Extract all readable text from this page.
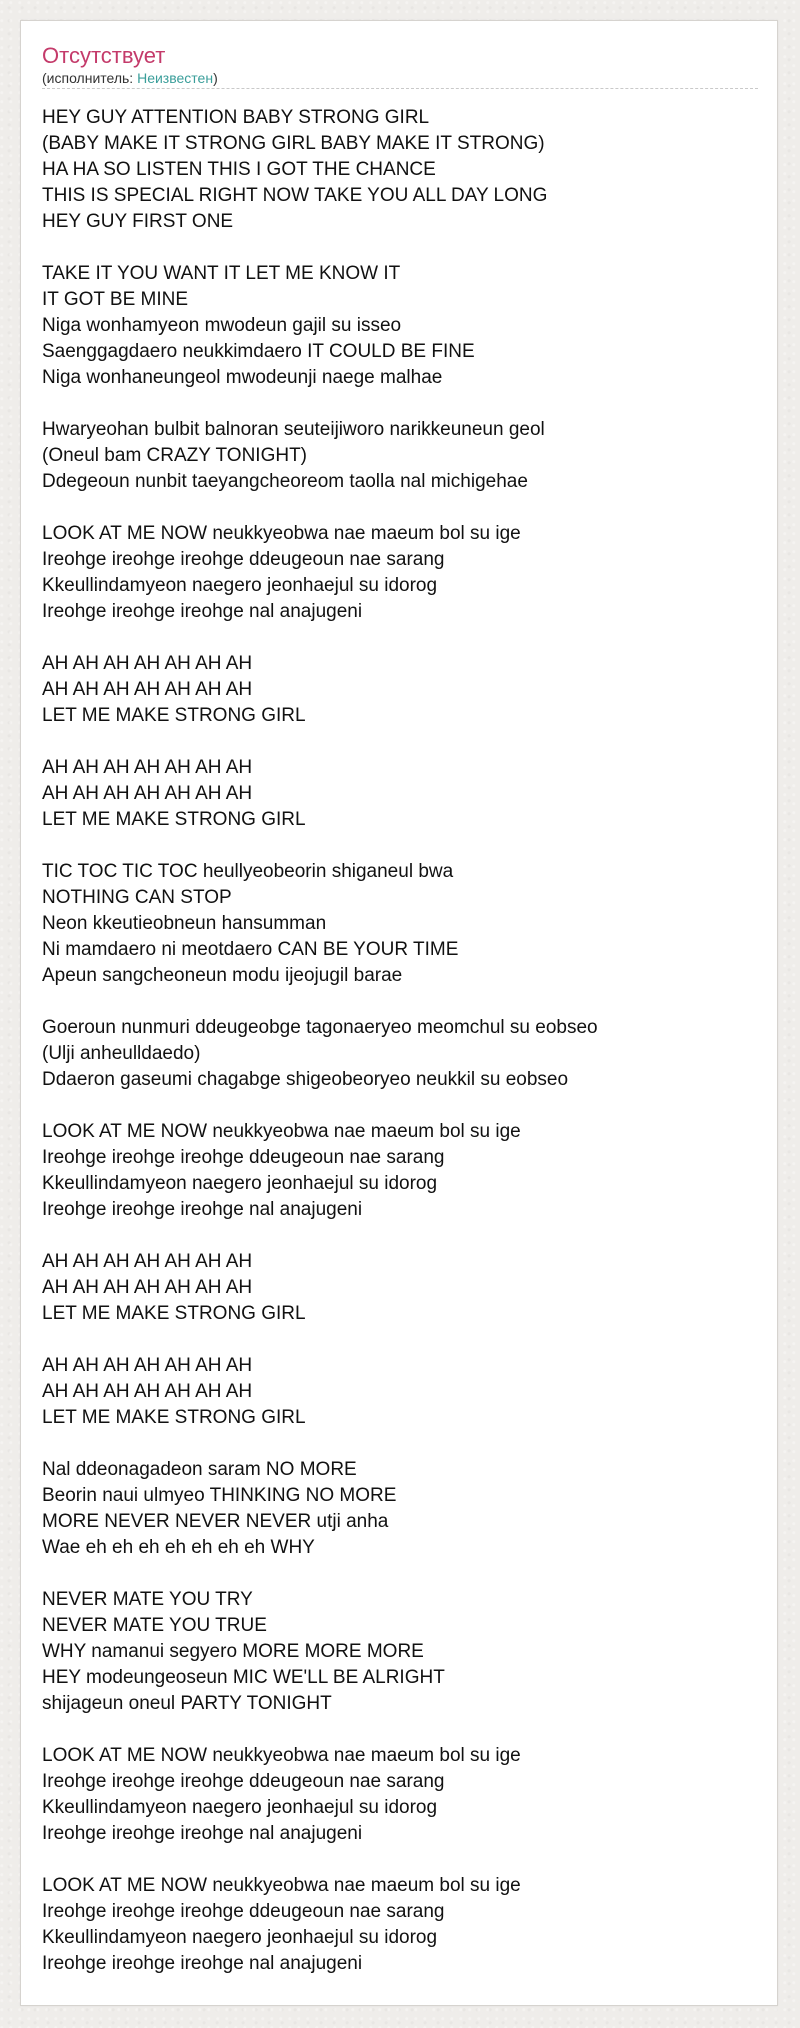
Отсутствует
(исполнитель: Неизвестен)
HEY GUY ATTENTION BABY STRONG GIRL
(BABY MAKE IT STRONG GIRL BABY MAKE IT STRONG)
HA HA SO LISTEN THIS I GOT THE CHANCE
THIS IS SPECIAL RIGHT NOW TAKE YOU ALL DAY LONG
HEY GUY FIRST ONE
TAKE IT YOU WANT IT LET ME KNOW IT
IT GOT BE MINE
Niga wonhamyeon mwodeun gajil su isseo
Saenggagdaero neukkimdaero IT COULD BE FINE
Niga wonhaneungeol mwodeunji naege malhae
Hwaryeohan bulbit balnoran seuteijiworo narikkeuneun geol
(Oneul bam CRAZY TONIGHT)
Ddegeoun nunbit taeyangcheoreom taolla nal michigehae
LOOK AT ME NOW neukkyeobwa nae maeum bol su ige
Ireohge ireohge ireohge ddeugeoun nae sarang
Kkeullindamyeon naegero jeonhaejul su idorog
Ireohge ireohge ireohge nal anajugeni
AH AH AH AH AH AH AH
AH AH AH AH AH AH AH
LET ME MAKE STRONG GIRL
AH AH AH AH AH AH AH
AH AH AH AH AH AH AH
LET ME MAKE STRONG GIRL
TIC TOC TIC TOC heullyeobeorin shiganeul bwa
NOTHING CAN STOP
Neon kkeutieobneun hansumman
Ni mamdaero ni meotdaero CAN BE YOUR TIME
Apeun sangcheoneun modu ijeojugil barae
Goeroun nunmuri ddeugeobge tagonaeryeo meomchul su eobseo
(Ulji anheulldaedo)
Ddaeron gaseumi chagabge shigeobeoryeo neukkil su eobseo
LOOK AT ME NOW neukkyeobwa nae maeum bol su ige
Ireohge ireohge ireohge ddeugeoun nae sarang
Kkeullindamyeon naegero jeonhaejul su idorog
Ireohge ireohge ireohge nal anajugeni
AH AH AH AH AH AH AH
AH AH AH AH AH AH AH
LET ME MAKE STRONG GIRL
AH AH AH AH AH AH AH
AH AH AH AH AH AH AH
LET ME MAKE STRONG GIRL
Nal ddeonagadeon saram NO MORE
Beorin naui ulmyeo THINKING NO MORE
MORE NEVER NEVER NEVER utji anha
Wae eh eh eh eh eh eh eh WHY
NEVER MATE YOU TRY
NEVER MATE YOU TRUE
WHY namanui segyero MORE MORE MORE
HEY modeungeoseun MIC WE'LL BE ALRIGHT
shijageun oneul PARTY TONIGHT
LOOK AT ME NOW neukkyeobwa nae maeum bol su ige
Ireohge ireohge ireohge ddeugeoun nae sarang
Kkeullindamyeon naegero jeonhaejul su idorog
Ireohge ireohge ireohge nal anajugeni
LOOK AT ME NOW neukkyeobwa nae maeum bol su ige
Ireohge ireohge ireohge ddeugeoun nae sarang
Kkeullindamyeon naegero jeonhaejul su idorog
Ireohge ireohge ireohge nal anajugeni
